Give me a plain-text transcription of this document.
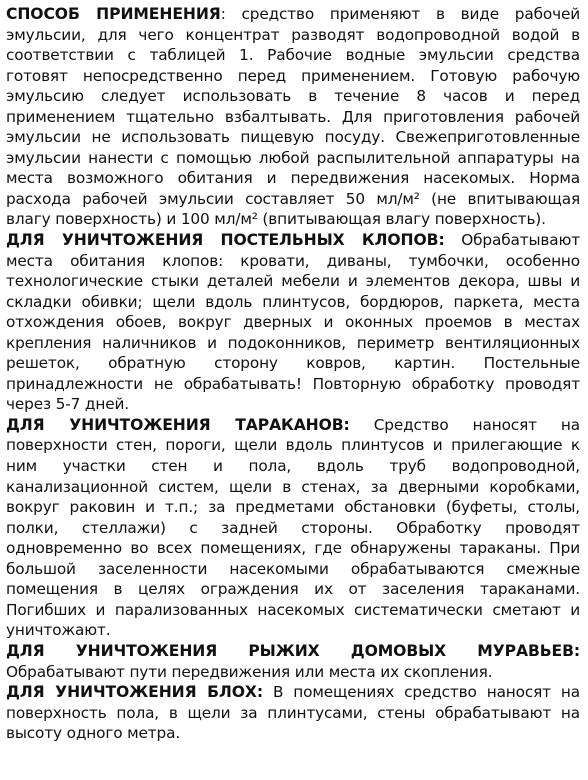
СПОСОБ ПРИМЕНЕНИЯ: средство применяют в виде рабочей эмульсии, для чего концентрат разводят водопроводной водой в соответствии с таблицей 1. Рабочие водные эмульсии средства готовят непосредственно перед применением. Готовую рабочую эмульсию следует использовать в течение 8 часов и перед применением тщательно взбалтывать. Для приготовления рабочей эмульсии не использовать пищевую посуду. Свежеприготовленные эмульсии нанести с помощью любой распылительной аппаратуры на места возможного обитания и передвижения насекомых. Норма расхода рабочей эмульсии составляет 50 мл/м² (не впитывающая влагу поверхность) и 100 мл/м² (впитывающая влагу поверхность).

ДЛЯ УНИЧТОЖЕНИЯ ПОСТЕЛЬНЫХ КЛОПОВ: Обрабатывают места обитания клопов: кровати, диваны, тумбочки, особенно технологические стыки деталей мебели и элементов декора, швы и складки обивки; щели вдоль плинтусов, бордюров, паркета, места отхождения обоев, вокруг дверных и оконных проемов в местах крепления наличников и подоконников, периметр вентиляционных решеток, обратную сторону ковров, картин. Постельные принадлежности не обрабатывать! Повторную обработку проводят через 5-7 дней.

ДЛЯ УНИЧТОЖЕНИЯ ТАРАКАНОВ: Средство наносят на поверхности стен, пороги, щели вдоль плинтусов и прилегающие к ним участки стен и пола, вдоль труб водопроводной, канализационной систем, щели в стенах, за дверными коробками, вокруг раковин и т.п.; за предметами обстановки (буфеты, столы, полки, стеллажи) с задней стороны. Обработку проводят одновременно во всех помещениях, где обнаружены тараканы. При большой заселенности насекомыми обрабатываются смежные помещения в целях ограждения их от заселения тараканами. Погибших и парализованных насекомых систематически сметают и уничтожают.

ДЛЯ УНИЧТОЖЕНИЯ РЫЖИХ ДОМОВЫХ МУРАВЬЕВ: Обрабатывают пути передвижения или места их скопления.

ДЛЯ УНИЧТОЖЕНИЯ БЛОХ: В помещениях средство наносят на поверхность пола, в щели за плинтусами, стены обрабатывают на высоту одного метра.
